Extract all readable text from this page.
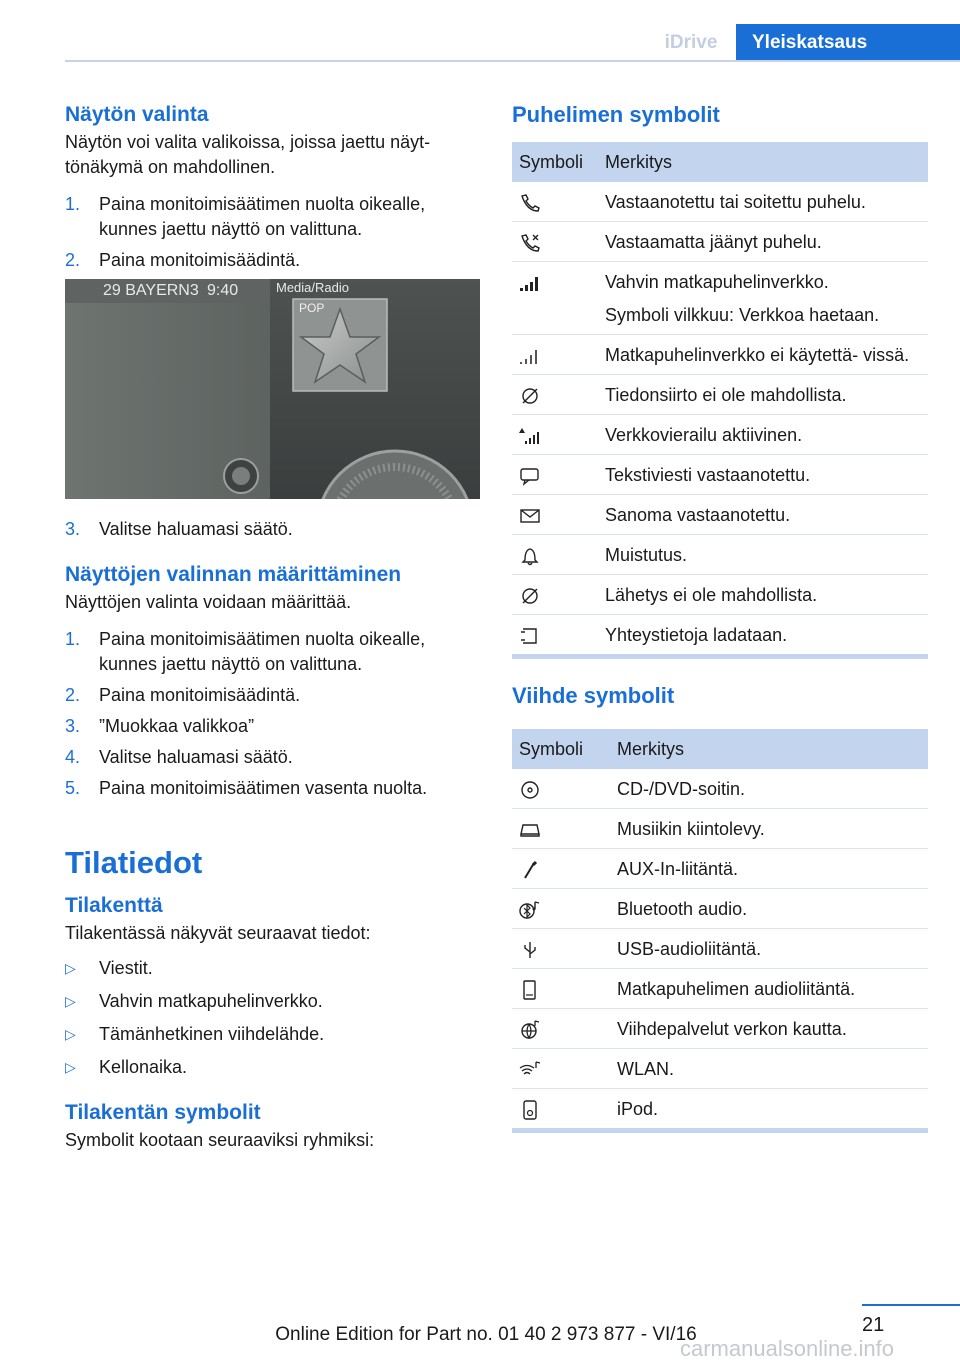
iDrive	Yleiskatsaus
Näytön valinta

Näytön voi valita valikoissa, joissa jaettu näyt- tönäkymä on mahdollinen.

1. Paina monitoimisäätimen nuolta oikealle, kunnes jaettu näyttö on valittuna.
2. Paina monitoimisäädintä.
29 BAYERN3 9:40	Media/Radio
POP
3. Valitse haluamasi säätö.
Näyttöjen valinnan määrittäminen

Näyttöjen valinta voidaan määrittää.

1. Paina monitoimisäätimen nuolta oikealle, kunnes jaettu näyttö on valittuna.
2. Paina monitoimisäädintä.
3. ”Muokkaa valikkoa”
4. Valitse haluamasi säätö.
5. Paina monitoimisäätimen vasenta nuolta.
Tilatiedot
Tilakenttä

Tilakentässä näkyvät seuraavat tiedot:

▷ Viestit.
▷ Vahvin matkapuhelinverkko.
▷ Tämänhetkinen viihdelähde.
▷ Kellonaika.
Tilakentän symbolit

Symbolit kootaan seuraaviksi ryhmiksi:

Puhelimen symbolit
Symboli	Merkitys
	Vastaanotettu tai soitettu puhelu.
	Vastaamatta jäänyt puhelu.

Vahvin matkapuhelinverkko.
Symboli vilkkuu: Verkkoa haetaan.

	Matkapuhelinverkko ei käytettä- vissä.
	Tiedonsiirto ei ole mahdollista.
	Verkkovierailu aktiivinen.
	Tekstiviesti vastaanotettu.
	Sanoma vastaanotettu.
	Muistutus.
	Lähetys ei ole mahdollista.
	Yhteystietoja ladataan.
Viihde symbolit
Symboli	Merkitys
	CD-/DVD-soitin.
	Musiikin kiintolevy.
	AUX-In-liitäntä.
	Bluetooth audio.
	USB-audioliitäntä.
	Matkapuhelimen audioliitäntä.
	Viihdepalvelut verkon kautta.
	WLAN.
	iPod.
21
Online Edition for Part no. 01 40 2 973 877 - VI/16
carmanualsonline.info
